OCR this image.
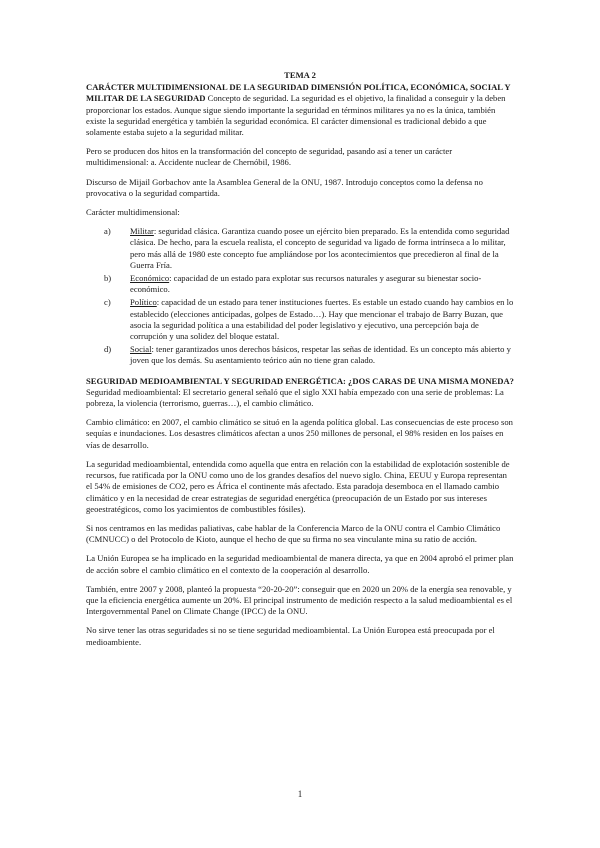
TEMA 2

CARÁCTER MULTIDIMENSIONAL DE LA SEGURIDAD DIMENSIÓN POLÍTICA, ECONÓMICA, SOCIAL Y MILITAR DE LA SEGURIDAD Concepto de seguridad. La seguridad es el objetivo, la finalidad a conseguir y la deben proporcionar los estados. Aunque sigue siendo importante la seguridad en términos militares ya no es la única, también existe la seguridad energética y también la seguridad económica. El carácter dimensional es tradicional debido a que solamente estaba sujeto a la seguridad militar.

Pero se producen dos hitos en la transformación del concepto de seguridad, pasando así a tener un carácter multidimensional: a. Accidente nuclear de Chernóbil, 1986.

Discurso de Mijail Gorbachov ante la Asamblea General de la ONU, 1987. Introdujo conceptos como la defensa no provocativa o la seguridad compartida.

Carácter multidimensional:

a) Militar: seguridad clásica. Garantiza cuando posee un ejército bien preparado. Es la entendida como seguridad clásica. De hecho, para la escuela realista, el concepto de seguridad va ligado de forma intrínseca a lo militar, pero más allá de 1980 este concepto fue ampliándose por los acontecimientos que precedieron al final de la Guerra Fría.
b) Económico: capacidad de un estado para explotar sus recursos naturales y asegurar su bienestar socio-económico.
c) Político: capacidad de un estado para tener instituciones fuertes. Es estable un estado cuando hay cambios en lo establecido (elecciones anticipadas, golpes de Estado…). Hay que mencionar el trabajo de Barry Buzan, que asocia la seguridad política a una estabilidad del poder legislativo y ejecutivo, una percepción baja de corrupción y una solidez del bloque estatal.
d) Social: tener garantizados unos derechos básicos, respetar las señas de identidad. Es un concepto más abierto y joven que los demás. Su asentamiento teórico aún no tiene gran calado.

SEGURIDAD MEDIOAMBIENTAL Y SEGURIDAD ENERGÉTICA: ¿DOS CARAS DE UNA MISMA MONEDA? Seguridad medioambiental: El secretario general señaló que el siglo XXI había empezado con una serie de problemas: La pobreza, la violencia (terrorismo, guerras…), el cambio climático.

Cambio climático: en 2007, el cambio climático se situó en la agenda política global. Las consecuencias de este proceso son sequías e inundaciones. Los desastres climáticos afectan a unos 250 millones de personal, el 98% residen en los países en vías de desarrollo.

La seguridad medioambiental, entendida como aquella que entra en relación con la estabilidad de explotación sostenible de recursos, fue ratificada por la ONU como uno de los grandes desafíos del nuevo siglo. China, EEUU y Europa representan el 54% de emisiones de CO2, pero es África el continente más afectado. Esta paradoja desemboca en el llamado cambio climático y en la necesidad de crear estrategias de seguridad energética (preocupación de un Estado por sus intereses geoestratégicos, como los yacimientos de combustibles fósiles).

Si nos centramos en las medidas paliativas, cabe hablar de la Conferencia Marco de la ONU contra el Cambio Climático (CMNUCC) o del Protocolo de Kioto, aunque el hecho de que su firma no sea vinculante mina su ratio de acción.

La Unión Europea se ha implicado en la seguridad medioambiental de manera directa, ya que en 2004 aprobó el primer plan de acción sobre el cambio climático en el contexto de la cooperación al desarrollo.

También, entre 2007 y 2008, planteó la propuesta “20-20-20”: conseguir que en 2020 un 20% de la energía sea renovable, y que la eficiencia energética aumente un 20%. El principal instrumento de medición respecto a la salud medioambiental es el Intergovernmental Panel on Climate Change (IPCC) de la ONU.

No sirve tener las otras seguridades si no se tiene seguridad medioambiental. La Unión Europea está preocupada por el medioambiente.

1
